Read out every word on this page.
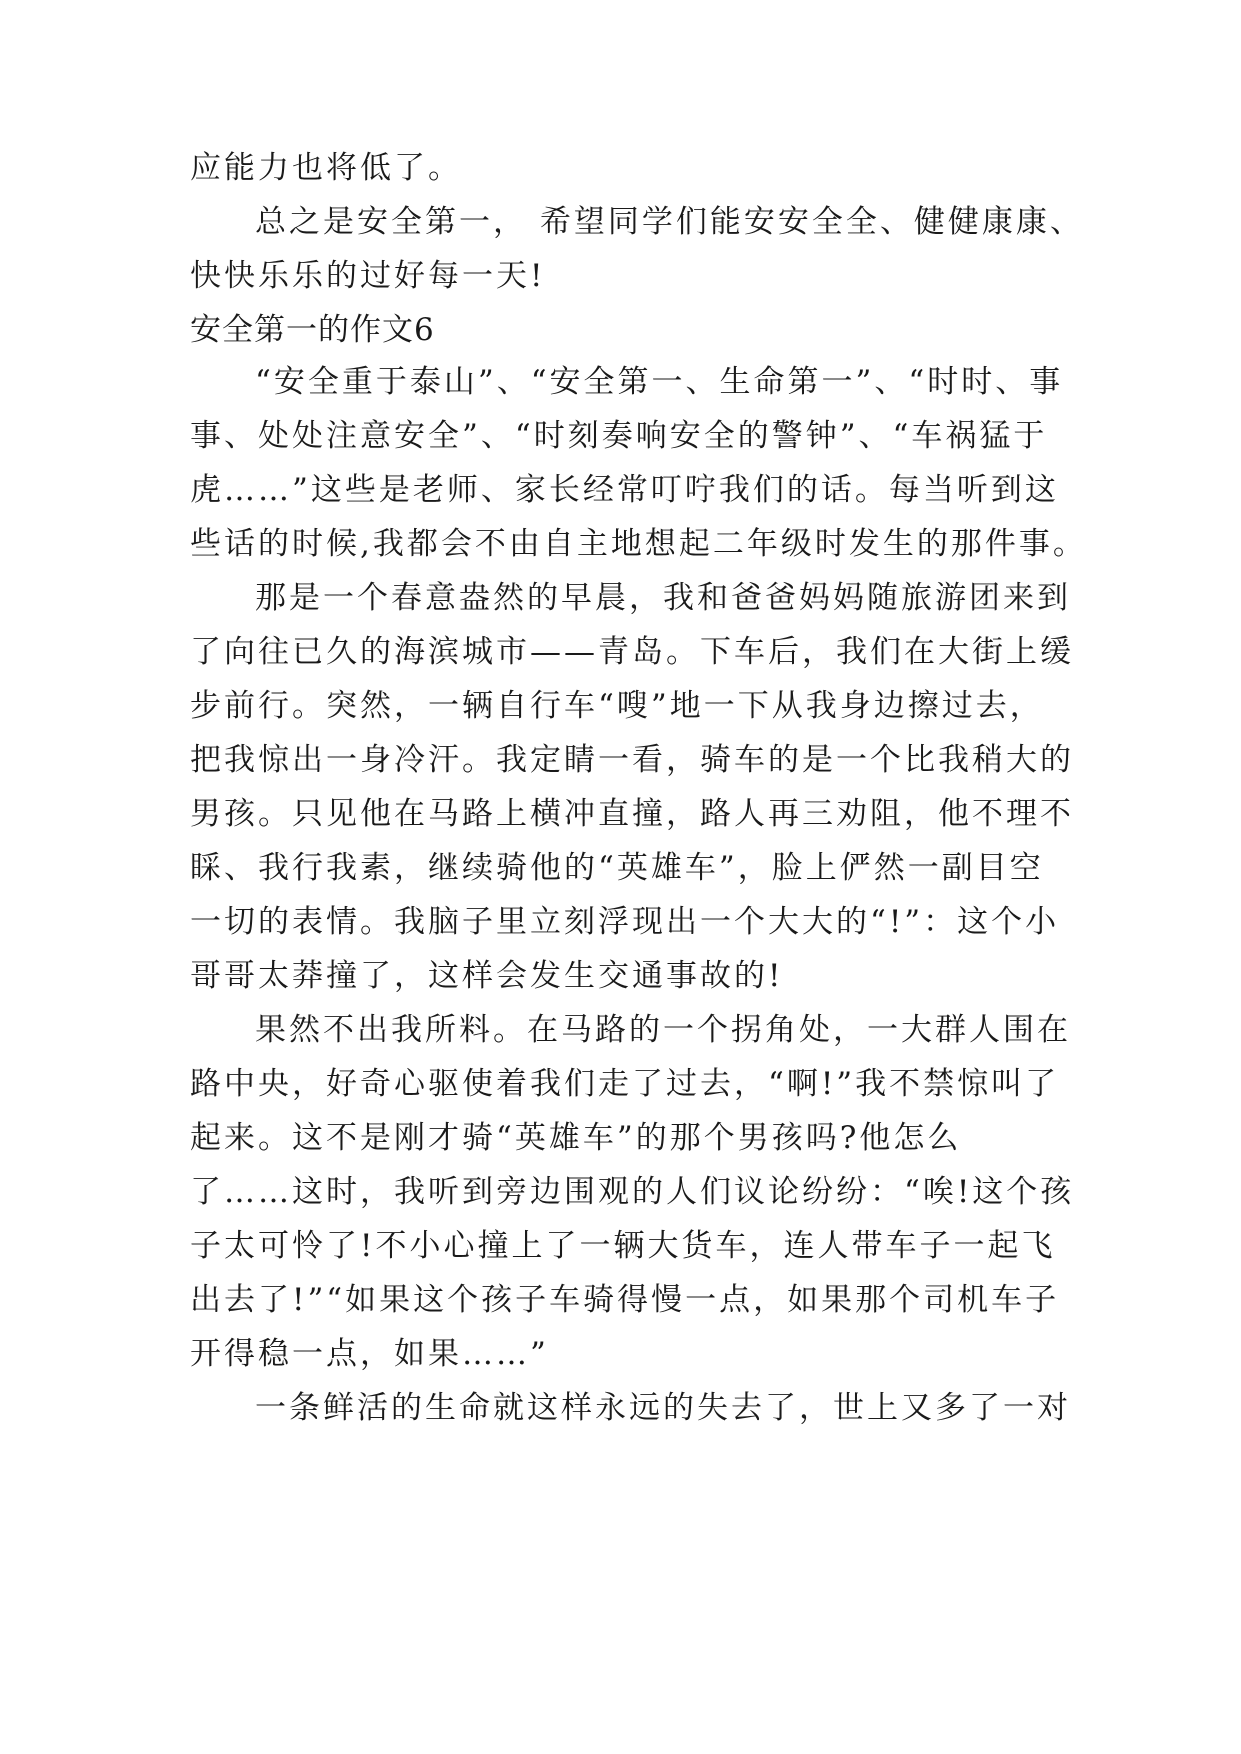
应能力也将低了。

总之是安全第一， 希望同学们能安安全全、健健康康、

快快乐乐的过好每一天!

安全第一的作文6

“安全重于泰山”、“安全第一、生命第一”、“时时、事

事、处处注意安全”、“时刻奏响安全的警钟”、“车祸猛于

虎……”这些是老师、家长经常叮咛我们的话。每当听到这

些话的时候,我都会不由自主地想起二年级时发生的那件事。

那是一个春意盎然的早晨，我和爸爸妈妈随旅游团来到

了向往已久的海滨城市——青岛。下车后，我们在大街上缓

步前行。突然，一辆自行车“嗖”地一下从我身边擦过去，

把我惊出一身冷汗。我定睛一看，骑车的是一个比我稍大的

男孩。只见他在马路上横冲直撞，路人再三劝阻，他不理不

睬、我行我素，继续骑他的“英雄车”，脸上俨然一副目空

一切的表情。我脑子里立刻浮现出一个大大的“!”：这个小

哥哥太莽撞了，这样会发生交通事故的!

果然不出我所料。在马路的一个拐角处，一大群人围在

路中央，好奇心驱使着我们走了过去，“啊!”我不禁惊叫了

起来。这不是刚才骑“英雄车”的那个男孩吗?他怎么

了……这时，我听到旁边围观的人们议论纷纷：“唉!这个孩

子太可怜了!不小心撞上了一辆大货车，连人带车子一起飞

出去了!”“如果这个孩子车骑得慢一点，如果那个司机车子

开得稳一点，如果……”

一条鲜活的生命就这样永远的失去了，世上又多了一对
